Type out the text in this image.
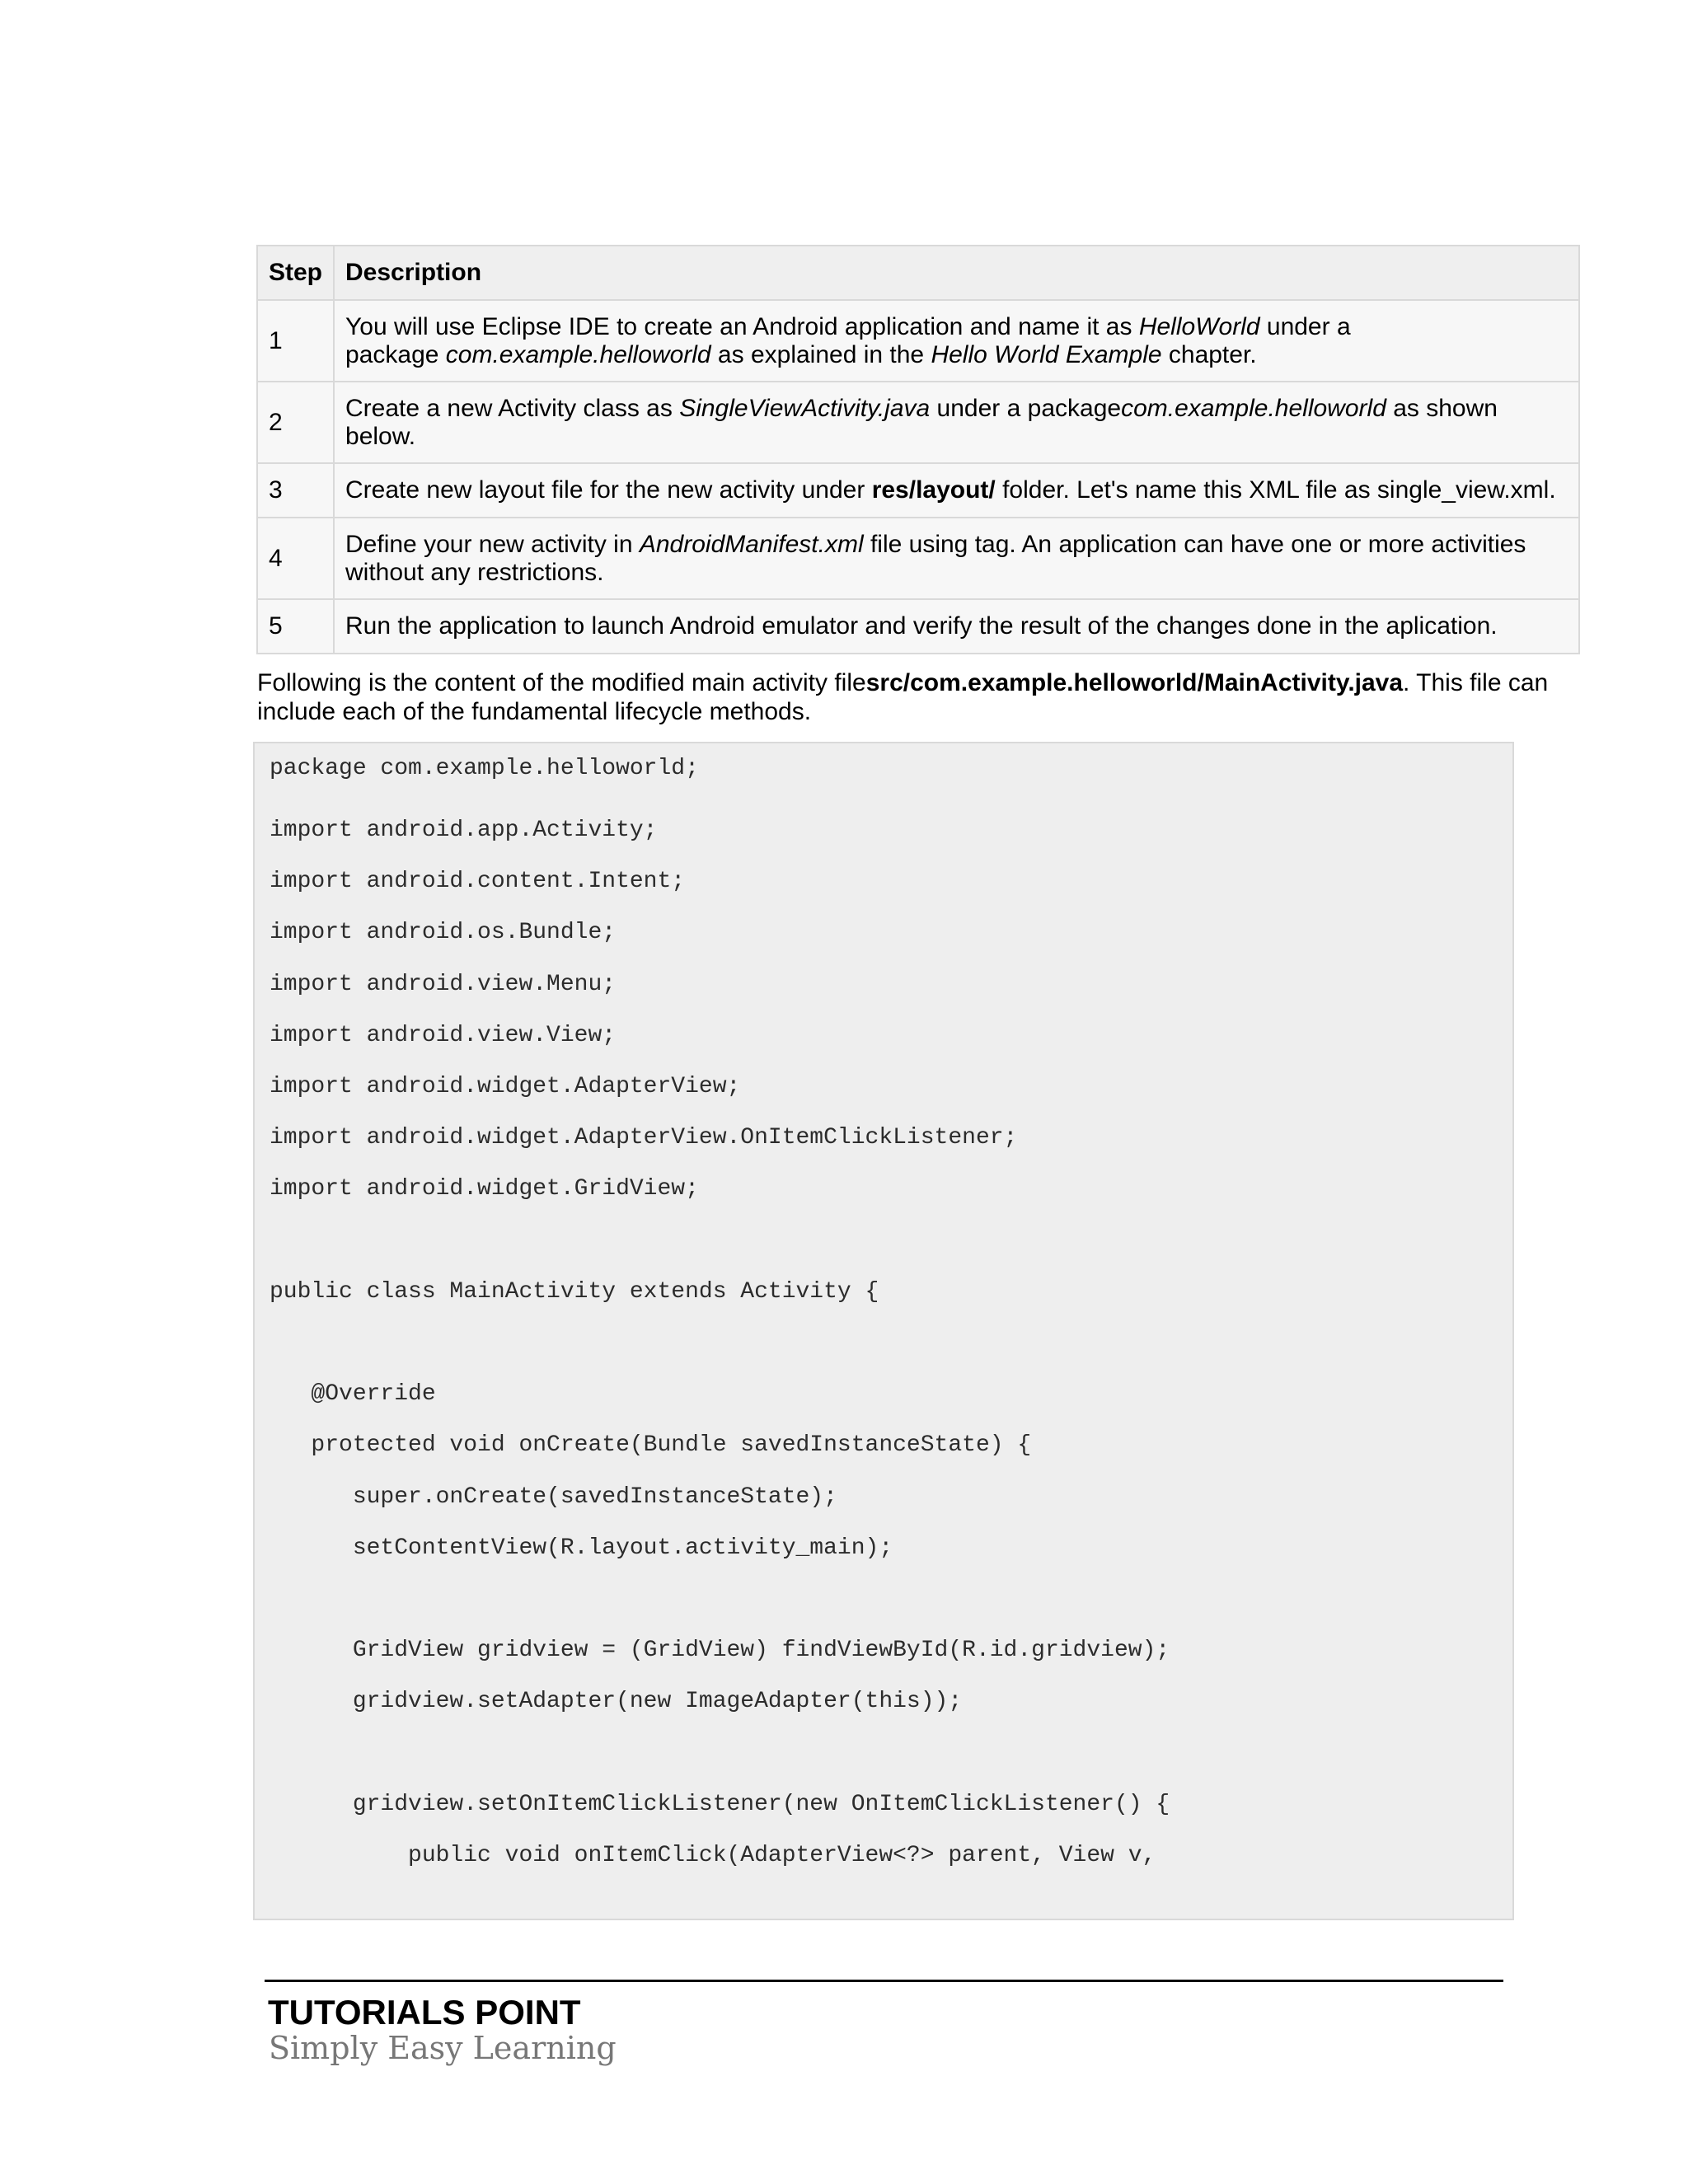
Step	Description
1	You will use Eclipse IDE to create an Android application and name it as HelloWorld under a
package com.example.helloworld as explained in the Hello World Example chapter.
2	Create a new Activity class as SingleViewActivity.java under a packagecom.example.helloworld as shown below.
3	Create new layout file for the new activity under res/layout/ folder. Let's name this XML file as single_view.xml.
4	Define your new activity in AndroidManifest.xml file using tag. An application can have one or more activities without any restrictions.
5	Run the application to launch Android emulator and verify the result of the changes done in the aplication.

Following is the content of the modified main activity filesrc/com.example.helloworld/MainActivity.java. This file can include each of the fundamental lifecycle methods.

package com.example.helloworld;
import android.app.Activity;
import android.content.Intent;
import android.os.Bundle;
import android.view.Menu;
import android.view.View;
import android.widget.AdapterView;
import android.widget.AdapterView.OnItemClickListener;
import android.widget.GridView;
public class MainActivity extends Activity {
@Override
protected void onCreate(Bundle savedInstanceState) {
super.onCreate(savedInstanceState);
setContentView(R.layout.activity_main);
GridView gridview = (GridView) findViewById(R.id.gridview);
gridview.setAdapter(new ImageAdapter(this));
gridview.setOnItemClickListener(new OnItemClickListener() {
public void onItemClick(AdapterView<?> parent, View v,

TUTORIALS POINT

Simply Easy Learning
